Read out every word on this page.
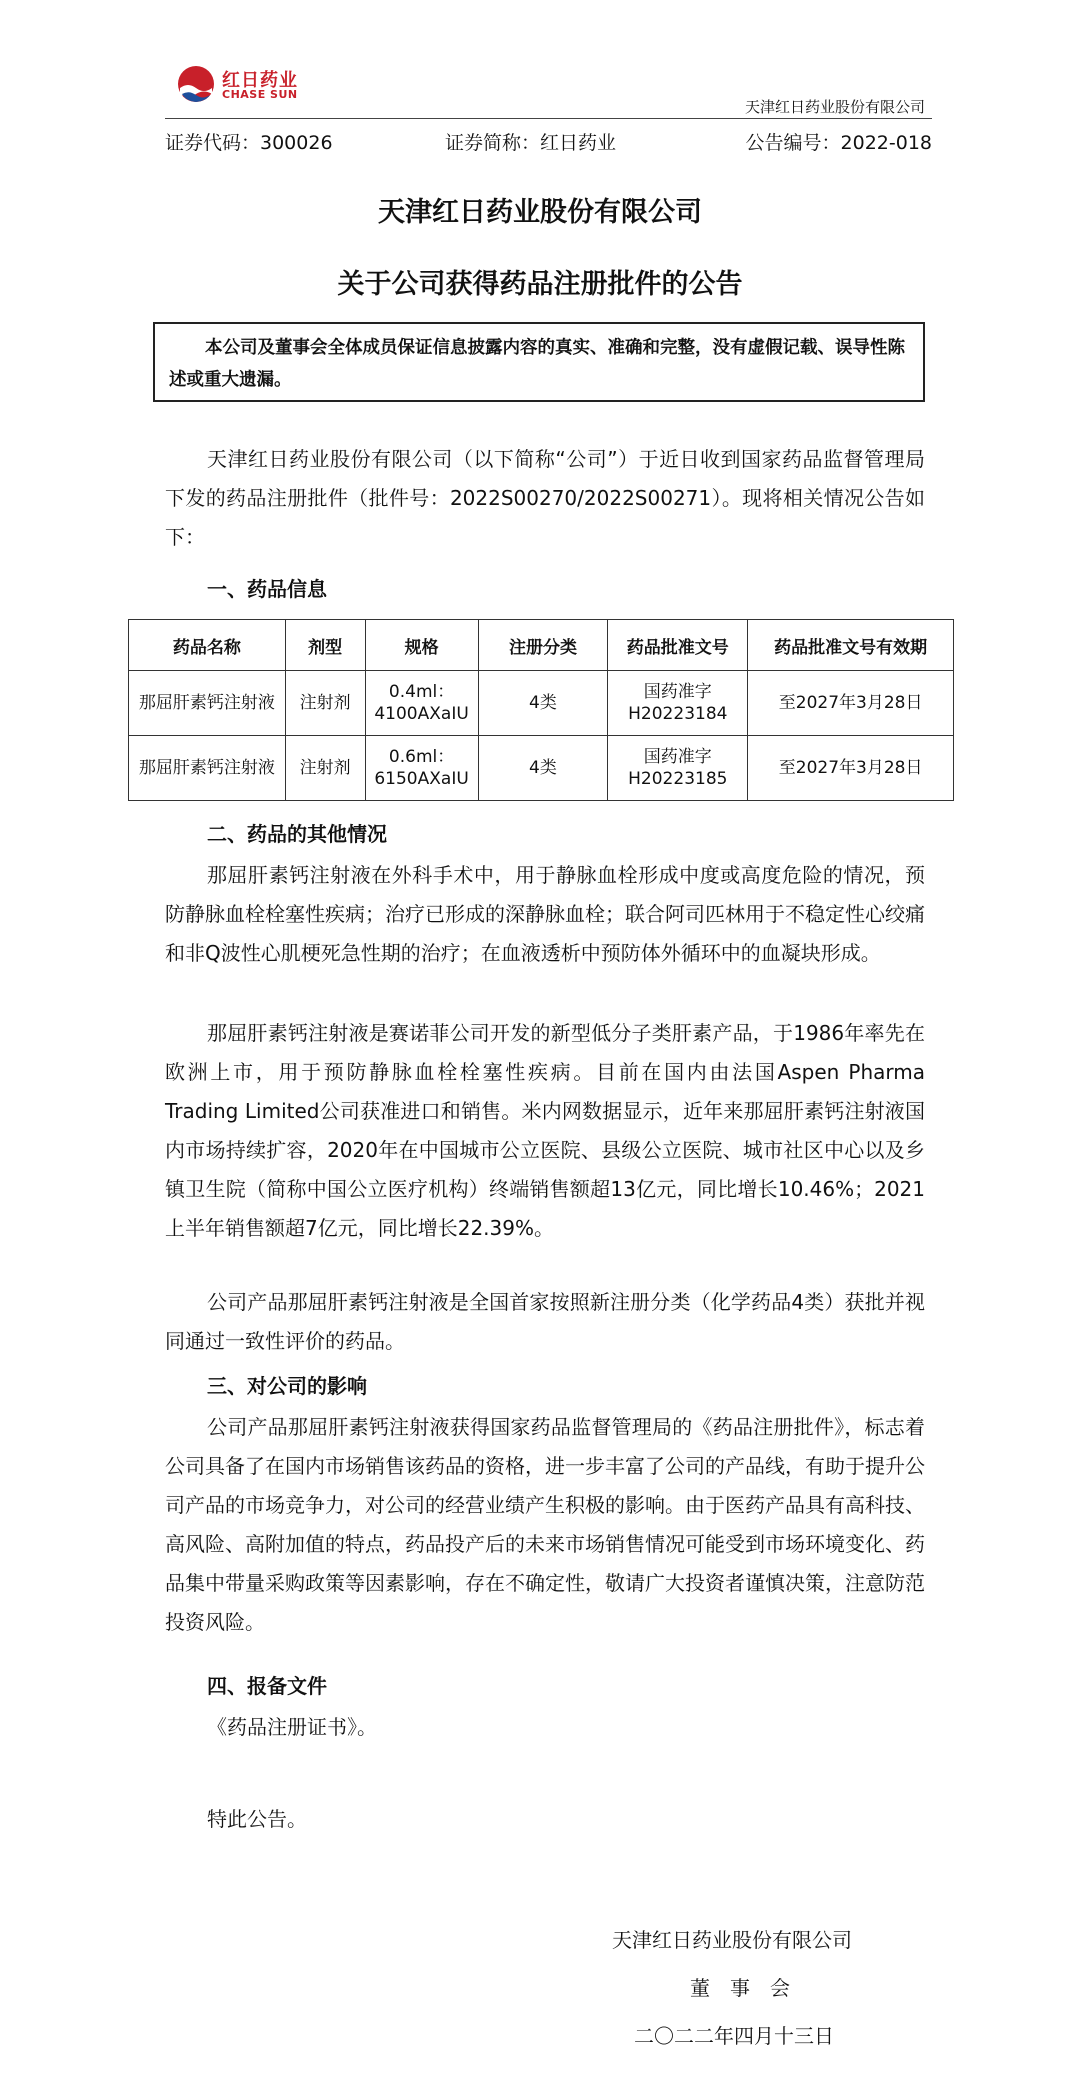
红日药业
CHASE SUN
天津红日药业股份有限公司
证券代码：300026	证券简称：红日药业	公告编号：2022-018
天津红日药业股份有限公司
关于公司获得药品注册批件的公告
本公司及董事会全体成员保证信息披露内容的真实、准确和完整，没有虚假记载、误导性陈述或重大遗漏。
天津红日药业股份有限公司（以下简称“公司”）于近日收到国家药品监督管理局下发的药品注册批件（批件号：2022S00270/2022S00271）。现将相关情况公告如下：
一、药品信息
药品名称	剂型	规格	注册分类	药品批准文号	药品批准文号有效期
那屈肝素钙注射液	注射剂	0.4ml：4100AXaIU	4类	国药准字H20223184	至2027年3月28日
那屈肝素钙注射液	注射剂	0.6ml：6150AXaIU	4类	国药准字H20223185	至2027年3月28日
二、药品的其他情况
那屈肝素钙注射液在外科手术中，用于静脉血栓形成中度或高度危险的情况，预防静脉血栓栓塞性疾病；治疗已形成的深静脉血栓；联合阿司匹林用于不稳定性心绞痛和非Q波性心肌梗死急性期的治疗；在血液透析中预防体外循环中的血凝块形成。
那屈肝素钙注射液是赛诺菲公司开发的新型低分子类肝素产品，于1986年率先在欧洲上市，用于预防静脉血栓栓塞性疾病。目前在国内由法国Aspen Pharma Trading Limited公司获准进口和销售。米内网数据显示，近年来那屈肝素钙注射液国内市场持续扩容，2020年在中国城市公立医院、县级公立医院、城市社区中心以及乡镇卫生院（简称中国公立医疗机构）终端销售额超13亿元，同比增长10.46%；2021上半年销售额超7亿元，同比增长22.39%。
公司产品那屈肝素钙注射液是全国首家按照新注册分类（化学药品4类）获批并视同通过一致性评价的药品。
三、对公司的影响
公司产品那屈肝素钙注射液获得国家药品监督管理局的《药品注册批件》，标志着公司具备了在国内市场销售该药品的资格，进一步丰富了公司的产品线，有助于提升公司产品的市场竞争力，对公司的经营业绩产生积极的影响。由于医药产品具有高科技、高风险、高附加值的特点，药品投产后的未来市场销售情况可能受到市场环境变化、药品集中带量采购政策等因素影响，存在不确定性，敬请广大投资者谨慎决策，注意防范投资风险。
四、报备文件
《药品注册证书》。
特此公告。
天津红日药业股份有限公司
董　事　会
二〇二二年四月十三日
